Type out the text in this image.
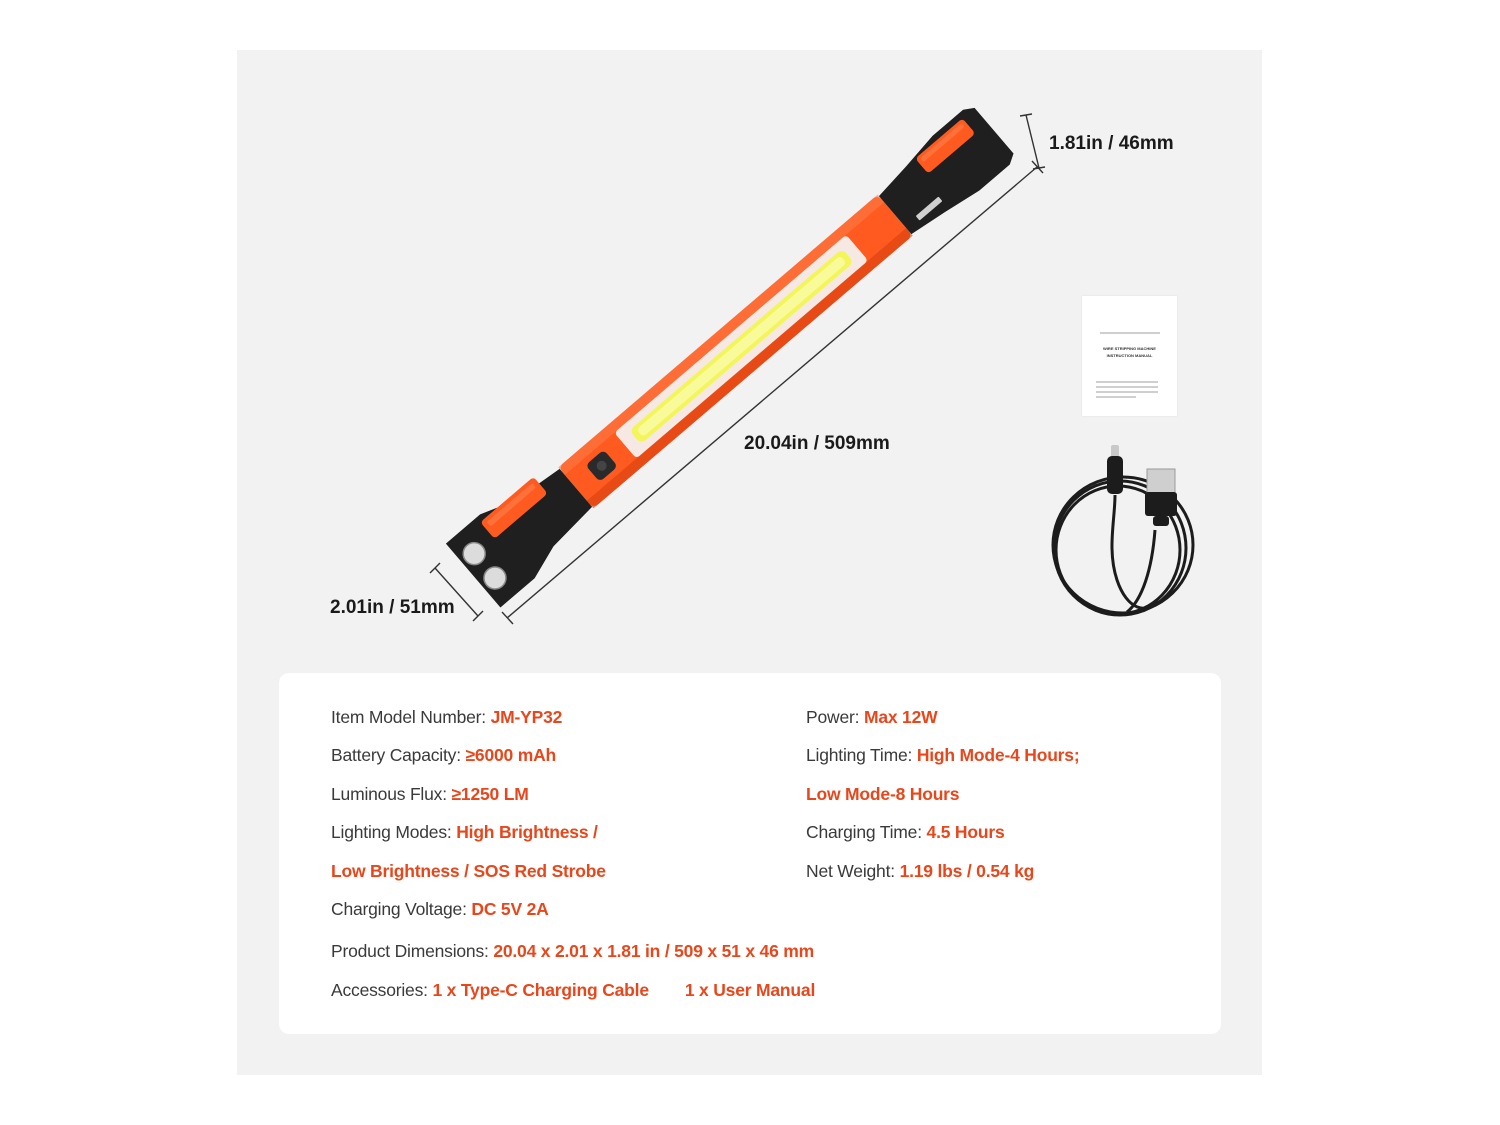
1.81in / 46mm
20.04in / 509mm
2.01in / 51mm
WIRE STRIPPING MACHINE
INSTRUCTION MANUAL
Item Model Number: JM-YP32
Battery Capacity: ≥6000 mAh
Luminous Flux: ≥1250 LM
Lighting Modes: High Brightness /
Low Brightness / SOS Red Strobe
Charging Voltage: DC 5V 2A
Power: Max 12W
Lighting Time: High Mode-4 Hours;
Low Mode-8 Hours
Charging Time: 4.5 Hours
Net Weight: 1.19 lbs / 0.54 kg
Product Dimensions: 20.04 x 2.01 x 1.81 in / 509 x 51 x 46 mm
Accessories: 1 x Type-C Charging Cable 1 x User Manual
